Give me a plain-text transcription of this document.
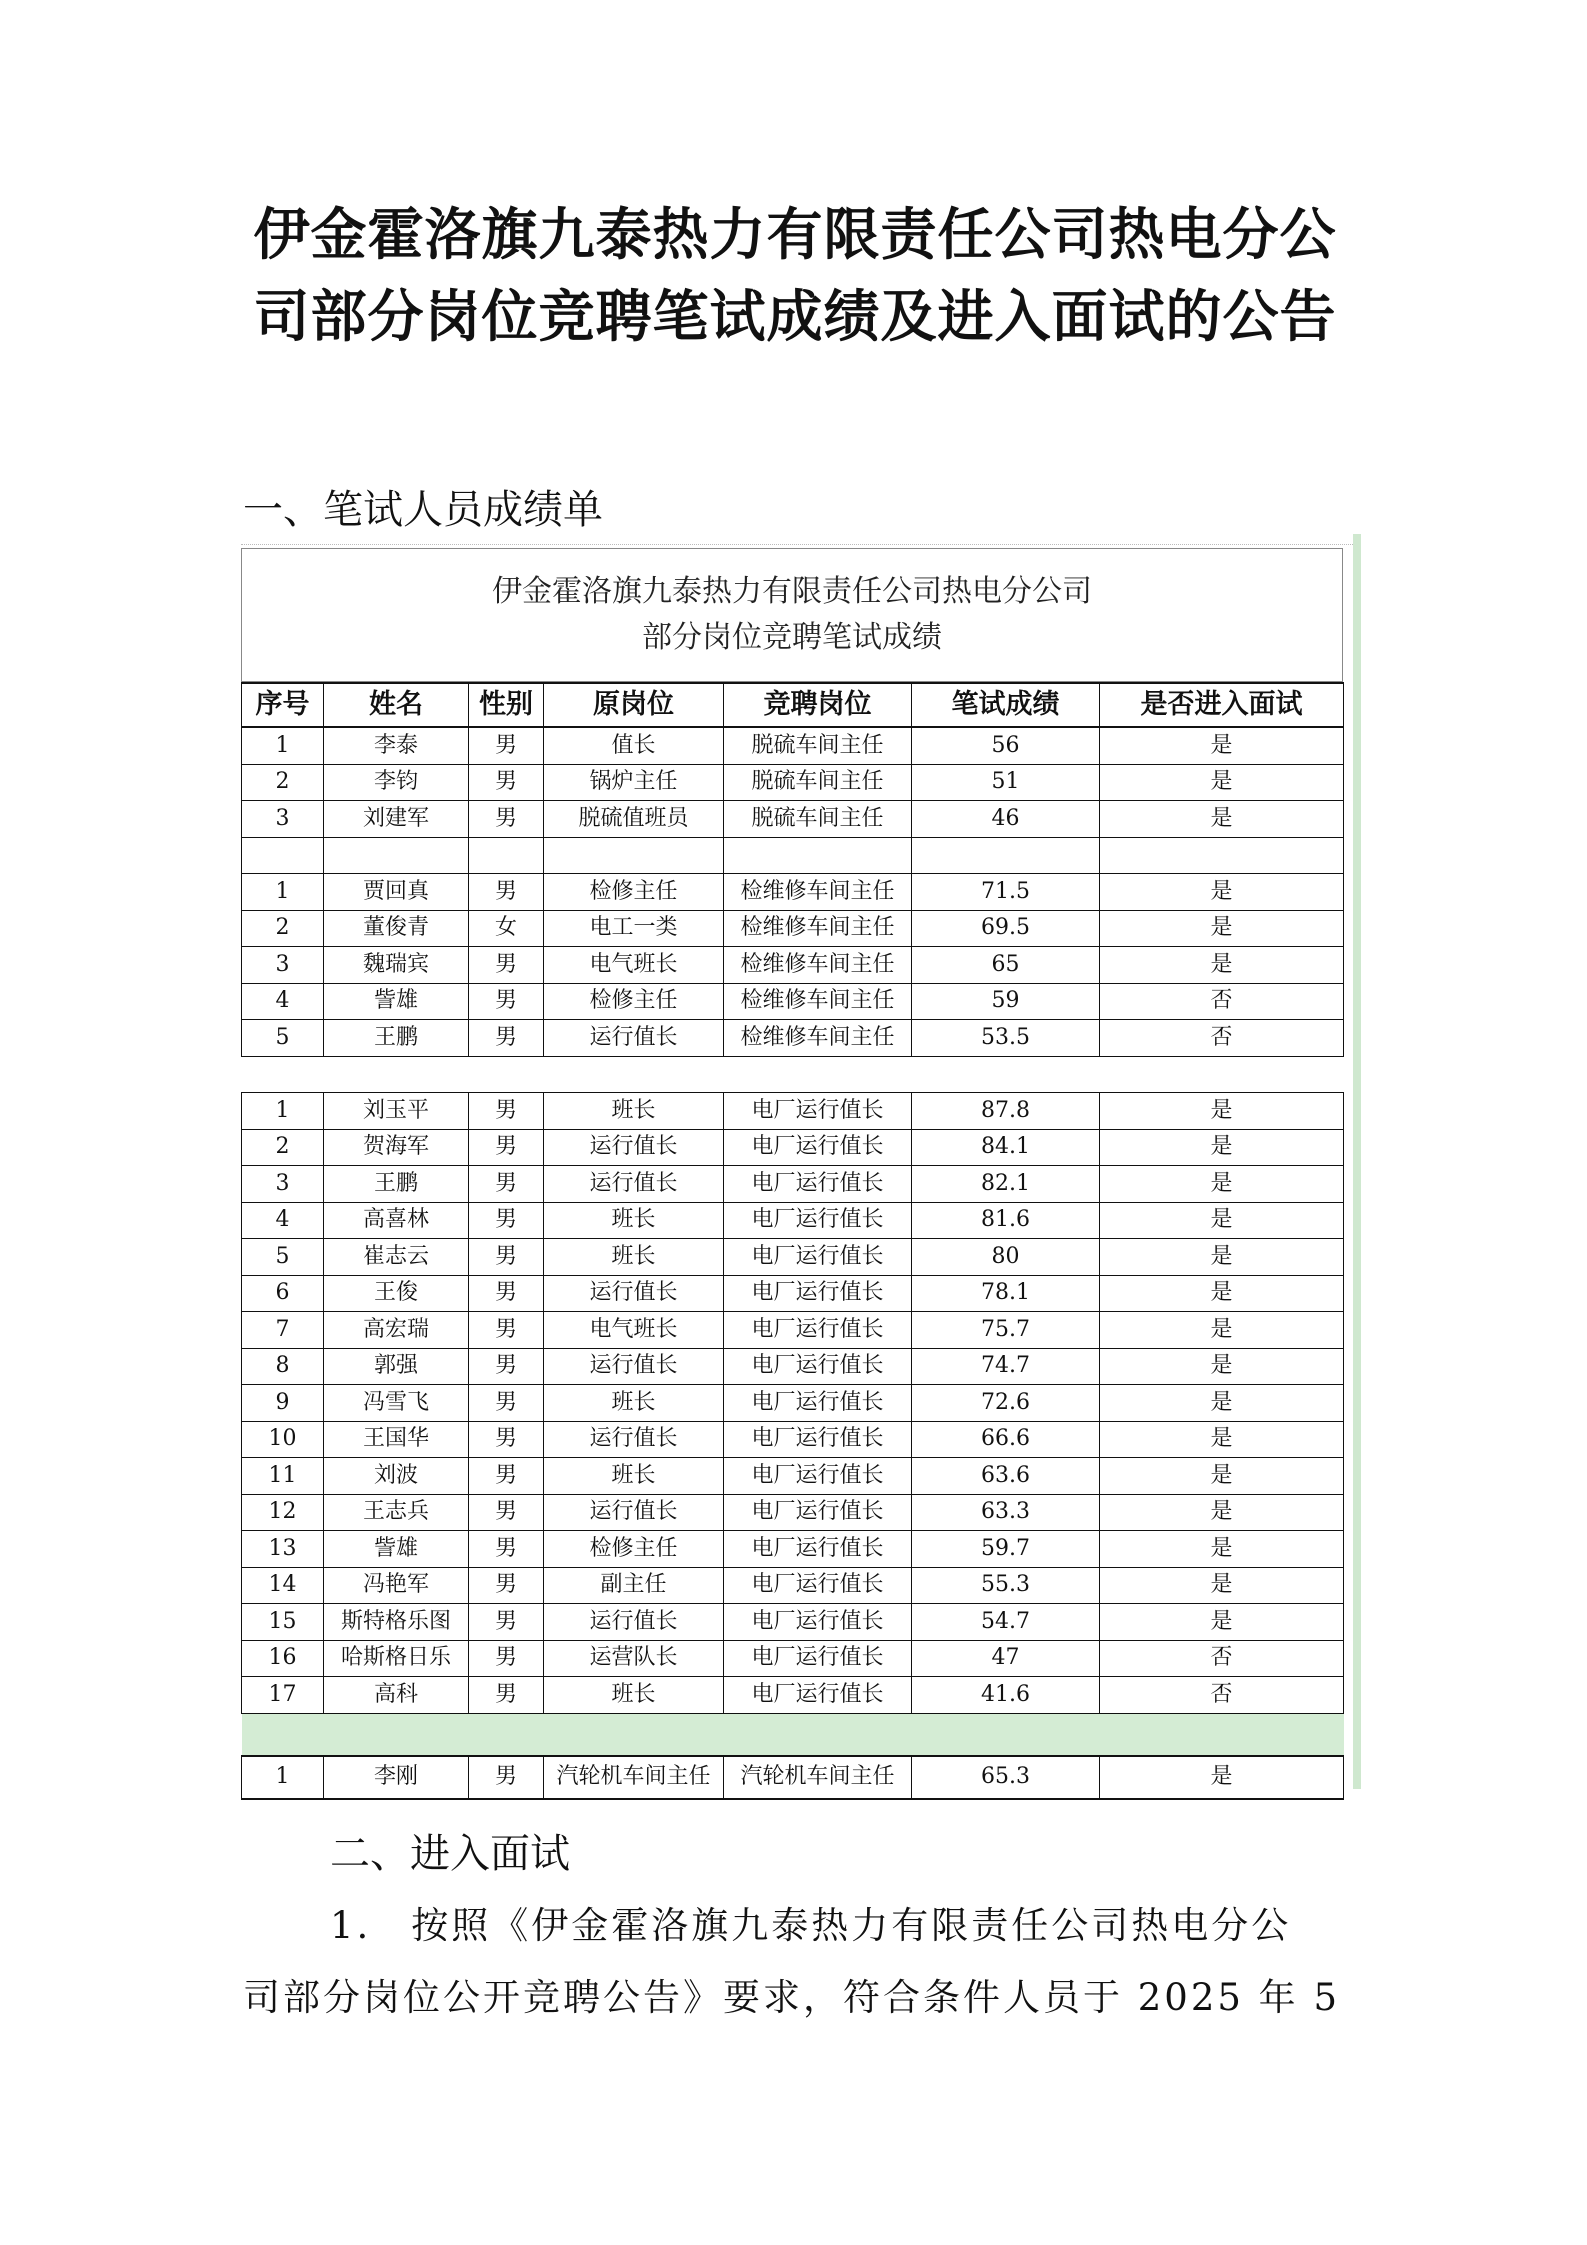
伊金霍洛旗九泰热力有限责任公司热电分公
司部分岗位竞聘笔试成绩及进入面试的公告
一、笔试人员成绩单
伊金霍洛旗九泰热力有限责任公司热电分公司
部分岗位竞聘笔试成绩
序号	姓名	性别	原岗位	竞聘岗位	笔试成绩	是否进入面试
1	李泰	男	值长	脱硫车间主任	56	是
2	李钧	男	锅炉主任	脱硫车间主任	51	是
3	刘建军	男	脱硫值班员	脱硫车间主任	46	是

1	贾回真	男	检修主任	检维修车间主任	71.5	是
2	董俊青	女	电工一类	检维修车间主任	69.5	是
3	魏瑞宾	男	电气班长	检维修车间主任	65	是
4	訾雄	男	检修主任	检维修车间主任	59	否
5	王鹏	男	运行值长	检维修车间主任	53.5	否

1	刘玉平	男	班长	电厂运行值长	87.8	是
2	贺海军	男	运行值长	电厂运行值长	84.1	是
3	王鹏	男	运行值长	电厂运行值长	82.1	是
4	高喜林	男	班长	电厂运行值长	81.6	是
5	崔志云	男	班长	电厂运行值长	80	是
6	王俊	男	运行值长	电厂运行值长	78.1	是
7	高宏瑞	男	电气班长	电厂运行值长	75.7	是
8	郭强	男	运行值长	电厂运行值长	74.7	是
9	冯雪飞	男	班长	电厂运行值长	72.6	是
10	王国华	男	运行值长	电厂运行值长	66.6	是
11	刘波	男	班长	电厂运行值长	63.6	是
12	王志兵	男	运行值长	电厂运行值长	63.3	是
13	訾雄	男	检修主任	电厂运行值长	59.7	是
14	冯艳军	男	副主任	电厂运行值长	55.3	是
15	斯特格乐图	男	运行值长	电厂运行值长	54.7	是
16	哈斯格日乐	男	运营队长	电厂运行值长	47	否
17	高科	男	班长	电厂运行值长	41.6	否

1	李刚	男	汽轮机车间主任	汽轮机车间主任	65.3	是
二、进入面试
1.　按照《伊金霍洛旗九泰热力有限责任公司热电分公
司部分岗位公开竞聘公告》要求，符合条件人员于 2025 年 5
